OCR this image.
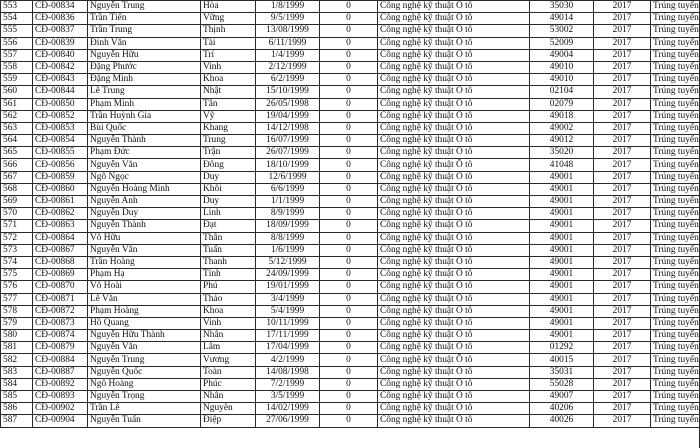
553	CĐ-00834	Nguyễn Trung	Hòa	1/8/1999	0	Công nghệ kỹ thuật Ô tô	35030	2017	Trúng tuyển
554	CĐ-00836	Trần Tiến	Vững	9/5/1999	0	Công nghệ kỹ thuật Ô tô	49014	2017	Trúng tuyển
555	CĐ-00837	Trần Trung	Thịnh	13/08/1999	0	Công nghệ kỹ thuật Ô tô	53002	2017	Trúng tuyển
556	CĐ-00839	Đinh Văn	Tài	6/11/1999	0	Công nghệ kỹ thuật Ô tô	52009	2017	Trúng tuyển
557	CĐ-00840	Nguyễn Hữu	Trí	1/4/1999	0	Công nghệ kỹ thuật Ô tô	49004	2017	Trúng tuyển
558	CĐ-00842	Đặng Phước	Vinh	2/12/1999	0	Công nghệ kỹ thuật Ô tô	49010	2017	Trúng tuyển
559	CĐ-00843	Đặng Minh	Khoa	6/2/1999	0	Công nghệ kỹ thuật Ô tô	49010	2017	Trúng tuyển
560	CĐ-00844	Lê Trung	Nhật	15/10/1999	0	Công nghệ kỹ thuật Ô tô	02104	2017	Trúng tuyển
561	CĐ-00850	Phạm Minh	Tân	26/05/1998	0	Công nghệ kỹ thuật Ô tô	02079	2017	Trúng tuyển
562	CĐ-00852	Trần Huỳnh Gia	Vỹ	19/04/1999	0	Công nghệ kỹ thuật Ô tô	49018	2017	Trúng tuyển
563	CĐ-00853	Bùi Quốc	Khang	14/12/1998	0	Công nghệ kỹ thuật Ô tô	49002	2017	Trúng tuyển
564	CĐ-00854	Nguyễn Thành	Trung	16/07/1999	0	Công nghệ kỹ thuật Ô tô	49012	2017	Trúng tuyển
565	CĐ-00855	Phạm Đức	Trận	26/07/1999	0	Công nghệ kỹ thuật Ô tô	35020	2017	Trúng tuyển
566	CĐ-00856	Nguyễn Văn	Đông	18/10/1999	0	Công nghệ kỹ thuật Ô tô	41048	2017	Trúng tuyển
567	CĐ-00859	Ngô Ngọc	Duy	12/6/1999	0	Công nghệ kỹ thuật Ô tô	49001	2017	Trúng tuyển
568	CĐ-00860	Nguyễn Hoàng Minh	Khôi	6/6/1999	0	Công nghệ kỹ thuật Ô tô	49001	2017	Trúng tuyển
569	CĐ-00861	Nguyễn Anh	Duy	1/1/1999	0	Công nghệ kỹ thuật Ô tô	49001	2017	Trúng tuyển
570	CĐ-00862	Nguyễn Duy	Linh	8/9/1999	0	Công nghệ kỹ thuật Ô tô	49001	2017	Trúng tuyển
571	CĐ-00863	Nguyễn Thành	Đạt	18/09/1999	0	Công nghệ kỹ thuật Ô tô	49001	2017	Trúng tuyển
572	CĐ-00864	Võ Hữu	Thân	8/8/1999	0	Công nghệ kỹ thuật Ô tô	49001	2017	Trúng tuyển
573	CĐ-00867	Nguyễn Văn	Tuấn	1/6/1999	0	Công nghệ kỹ thuật Ô tô	49001	2017	Trúng tuyển
574	CĐ-00868	Trần Hoàng	Thanh	5/12/1999	0	Công nghệ kỹ thuật Ô tô	49001	2017	Trúng tuyển
575	CĐ-00869	Phạm Hạ	Tính	24/09/1999	0	Công nghệ kỹ thuật Ô tô	49001	2017	Trúng tuyển
576	CĐ-00870	Võ Hoài	Phú	19/01/1999	0	Công nghệ kỹ thuật Ô tô	49001	2017	Trúng tuyển
577	CĐ-00871	Lê Văn	Thảo	3/4/1999	0	Công nghệ kỹ thuật Ô tô	49001	2017	Trúng tuyển
578	CĐ-00872	Phạm Hoàng	Khoa	5/4/1999	0	Công nghệ kỹ thuật Ô tô	49001	2017	Trúng tuyển
579	CĐ-00873	Hồ Quang	Vinh	10/11/1999	0	Công nghệ kỹ thuật Ô tô	49001	2017	Trúng tuyển
580	CĐ-00874	Nguyễn Hữu Thành	Nhân	17/11/1999	0	Công nghệ kỹ thuật Ô tô	49001	2017	Trúng tuyển
581	CĐ-00879	Nguyễn Văn	Lâm	17/04/1999	0	Công nghệ kỹ thuật Ô tô	01292	2017	Trúng tuyển
582	CĐ-00884	Nguyễn Trung	Vương	4/2/1999	0	Công nghệ kỹ thuật Ô tô	40015	2017	Trúng tuyển
583	CĐ-00887	Nguyễn Quốc	Toàn	14/08/1998	0	Công nghệ kỹ thuật Ô tô	35031	2017	Trúng tuyển
584	CĐ-00892	Ngô Hoàng	Phúc	7/2/1999	0	Công nghệ kỹ thuật Ô tô	55028	2017	Trúng tuyển
585	CĐ-00893	Nguyễn Trọng	Nhân	3/5/1999	0	Công nghệ kỹ thuật Ô tô	49007	2017	Trúng tuyển
586	CĐ-00902	Trần Lê	Nguyên	14/02/1999	0	Công nghệ kỹ thuật Ô tô	40206	2017	Trúng tuyển
587	CĐ-00904	Nguyễn Tuấn	Điệp	27/06/1999	0	Công nghệ kỹ thuật Ô tô	40026	2017	Trúng tuyển
